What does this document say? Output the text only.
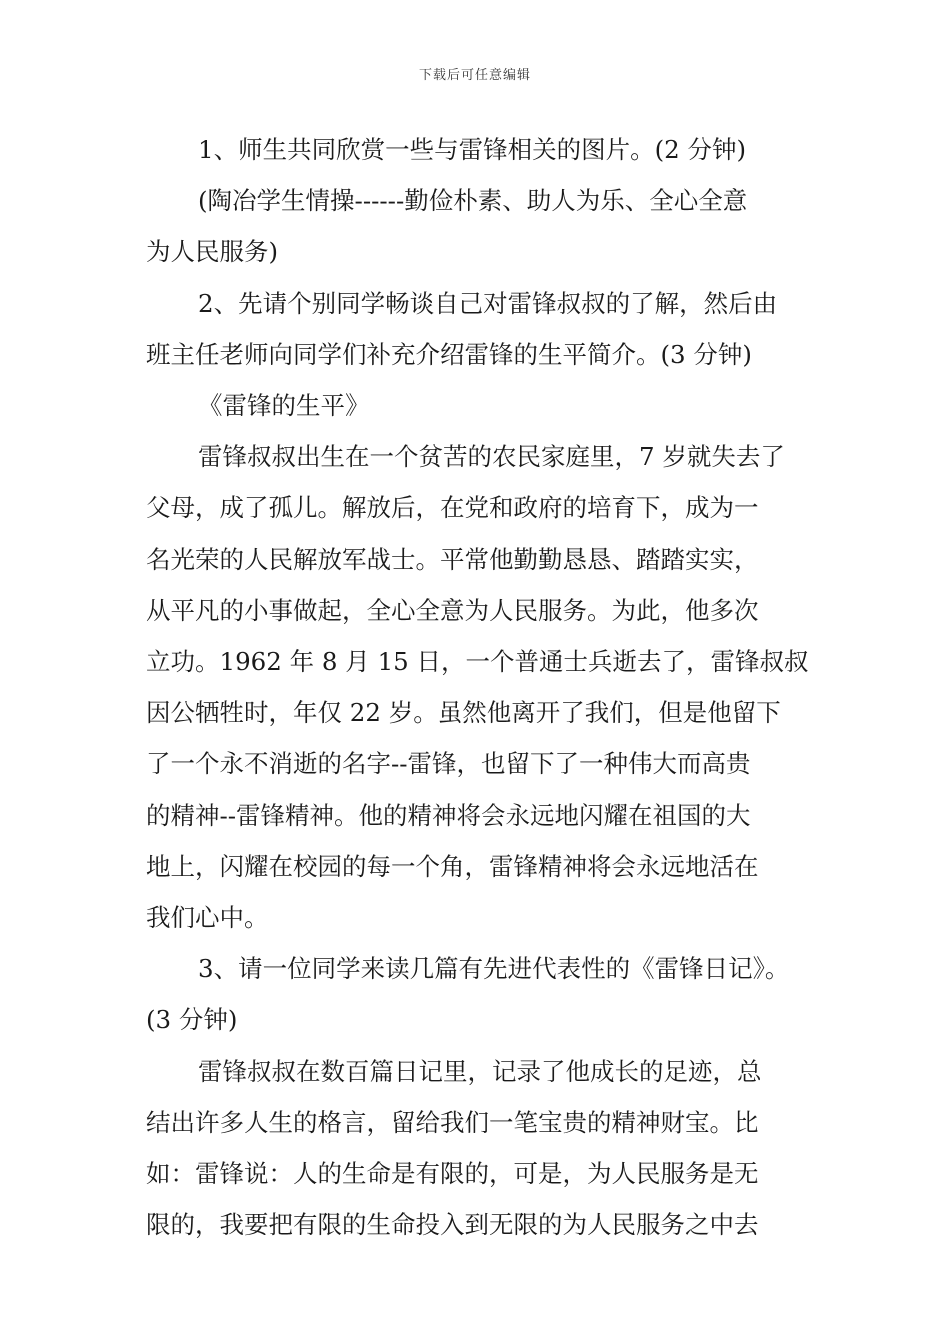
下载后可任意编辑

1、师生共同欣赏一些与雷锋相关的图片。(2 分钟)

(陶冶学生情操------勤俭朴素、助人为乐、全心全意

为人民服务)

2、先请个别同学畅谈自己对雷锋叔叔的了解，然后由

班主任老师向同学们补充介绍雷锋的生平简介。(3 分钟)

《雷锋的生平》

雷锋叔叔出生在一个贫苦的农民家庭里，7 岁就失去了

父母，成了孤儿。解放后，在党和政府的培育下，成为一

名光荣的人民解放军战士。平常他勤勤恳恳、踏踏实实，

从平凡的小事做起，全心全意为人民服务。为此，他多次

立功。1962 年 8 月 15 日，一个普通士兵逝去了，雷锋叔叔

因公牺牲时，年仅 22 岁。虽然他离开了我们，但是他留下

了一个永不消逝的名字--雷锋，也留下了一种伟大而高贵

的精神--雷锋精神。他的精神将会永远地闪耀在祖国的大

地上，闪耀在校园的每一个角，雷锋精神将会永远地活在

我们心中。

3、请一位同学来读几篇有先进代表性的《雷锋日记》。

(3 分钟)

雷锋叔叔在数百篇日记里，记录了他成长的足迹，总

结出许多人生的格言，留给我们一笔宝贵的精神财宝。比

如：雷锋说：人的生命是有限的，可是，为人民服务是无

限的，我要把有限的生命投入到无限的为人民服务之中去
